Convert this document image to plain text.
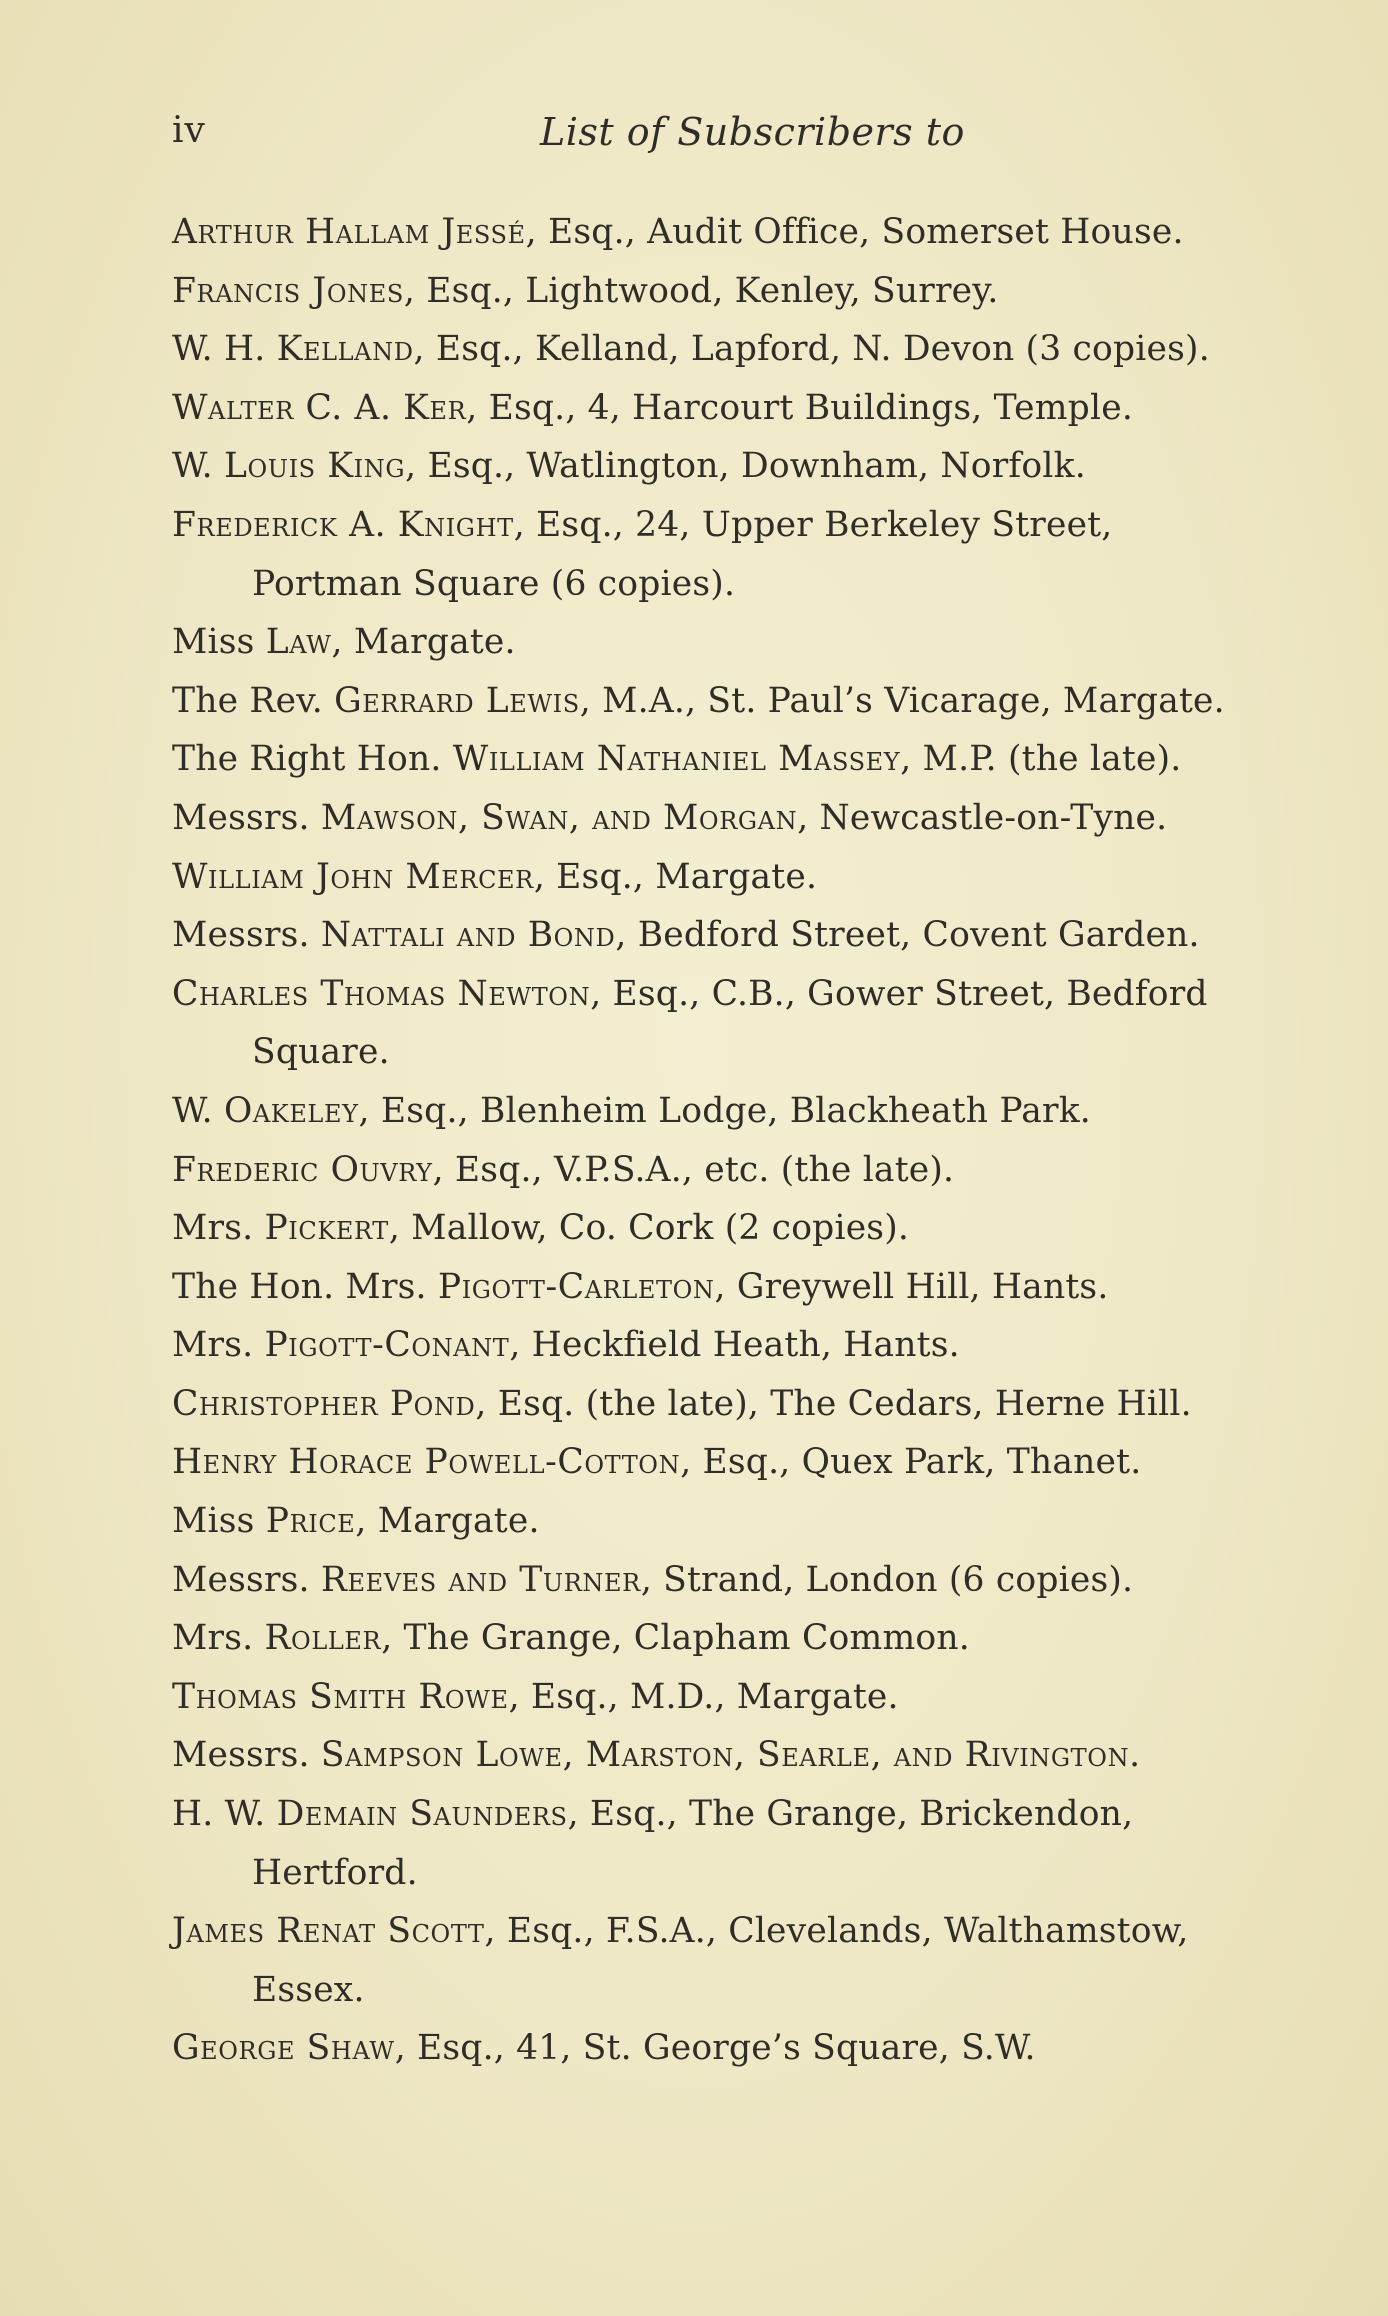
iv	List of Subscribers to
Arthur Hallam Jessé, Esq., Audit Office, Somerset House.
Francis Jones, Esq., Lightwood, Kenley, Surrey.
W. H. Kelland, Esq., Kelland, Lapford, N. Devon (3 copies).
Walter C. A. Ker, Esq., 4, Harcourt Buildings, Temple.
W. Louis King, Esq., Watlington, Downham, Norfolk.
Frederick A. Knight, Esq., 24, Upper Berkeley Street,
Portman Square (6 copies).
Miss Law, Margate.
The Rev. Gerrard Lewis, M.A., St. Paul’s Vicarage, Margate.
The Right Hon. William Nathaniel Massey, M.P. (the late).
Messrs. Mawson, Swan, and Morgan, Newcastle-on-Tyne.
William John Mercer, Esq., Margate.
Messrs. Nattali and Bond, Bedford Street, Covent Garden.
Charles Thomas Newton, Esq., C.B., Gower Street, Bedford
Square.
W. Oakeley, Esq., Blenheim Lodge, Blackheath Park.
Frederic Ouvry, Esq., V.P.S.A., etc. (the late).
Mrs. Pickert, Mallow, Co. Cork (2 copies).
The Hon. Mrs. Pigott-Carleton, Greywell Hill, Hants.
Mrs. Pigott-Conant, Heckfield Heath, Hants.
Christopher Pond, Esq. (the late), The Cedars, Herne Hill.
Henry Horace Powell-Cotton, Esq., Quex Park, Thanet.
Miss Price, Margate.
Messrs. Reeves and Turner, Strand, London (6 copies).
Mrs. Roller, The Grange, Clapham Common.
Thomas Smith Rowe, Esq., M.D., Margate.
Messrs. Sampson Lowe, Marston, Searle, and Rivington.
H. W. Demain Saunders, Esq., The Grange, Brickendon,
Hertford.
James Renat Scott, Esq., F.S.A., Clevelands, Walthamstow,
Essex.
George Shaw, Esq., 41, St. George’s Square, S.W.
